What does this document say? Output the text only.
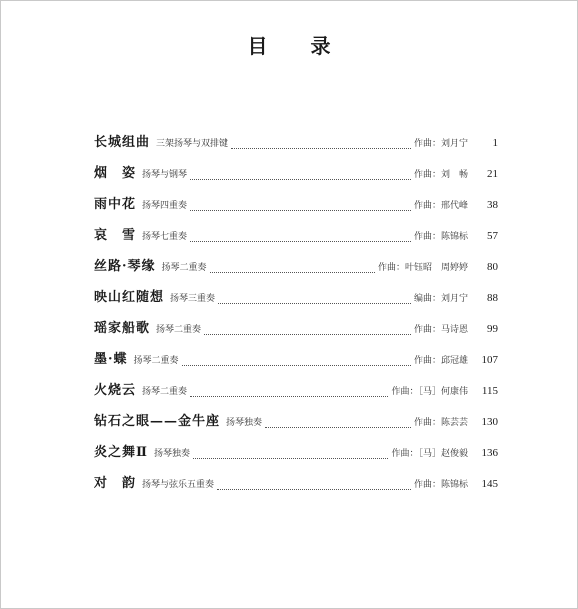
目 录
长城组曲 三架扬琴与双排键	作曲：刘月宁	1
烟　姿 扬琴与钢琴	作曲：刘　畅	21
雨中花 扬琴四重奏	作曲：邢代峰	38
哀　雪 扬琴七重奏	作曲：陈锦标	57
丝路·琴缘 扬琴二重奏	作曲：叶钰昭　周婷婷	80
映山红随想 扬琴三重奏	编曲：刘月宁	88
瑶家船歌 扬琴二重奏	作曲：马诗恩	99
墨·蝶 扬琴二重奏	作曲：邱冠雄	107
火烧云 扬琴二重奏	作曲：［马］何康伟	115
钻石之眼——金牛座 扬琴独奏	作曲：陈芸芸	130
炎之舞Ⅱ 扬琴独奏	作曲：［马］赵俊毅	136
对　韵 扬琴与弦乐五重奏	作曲：陈锦标	145
